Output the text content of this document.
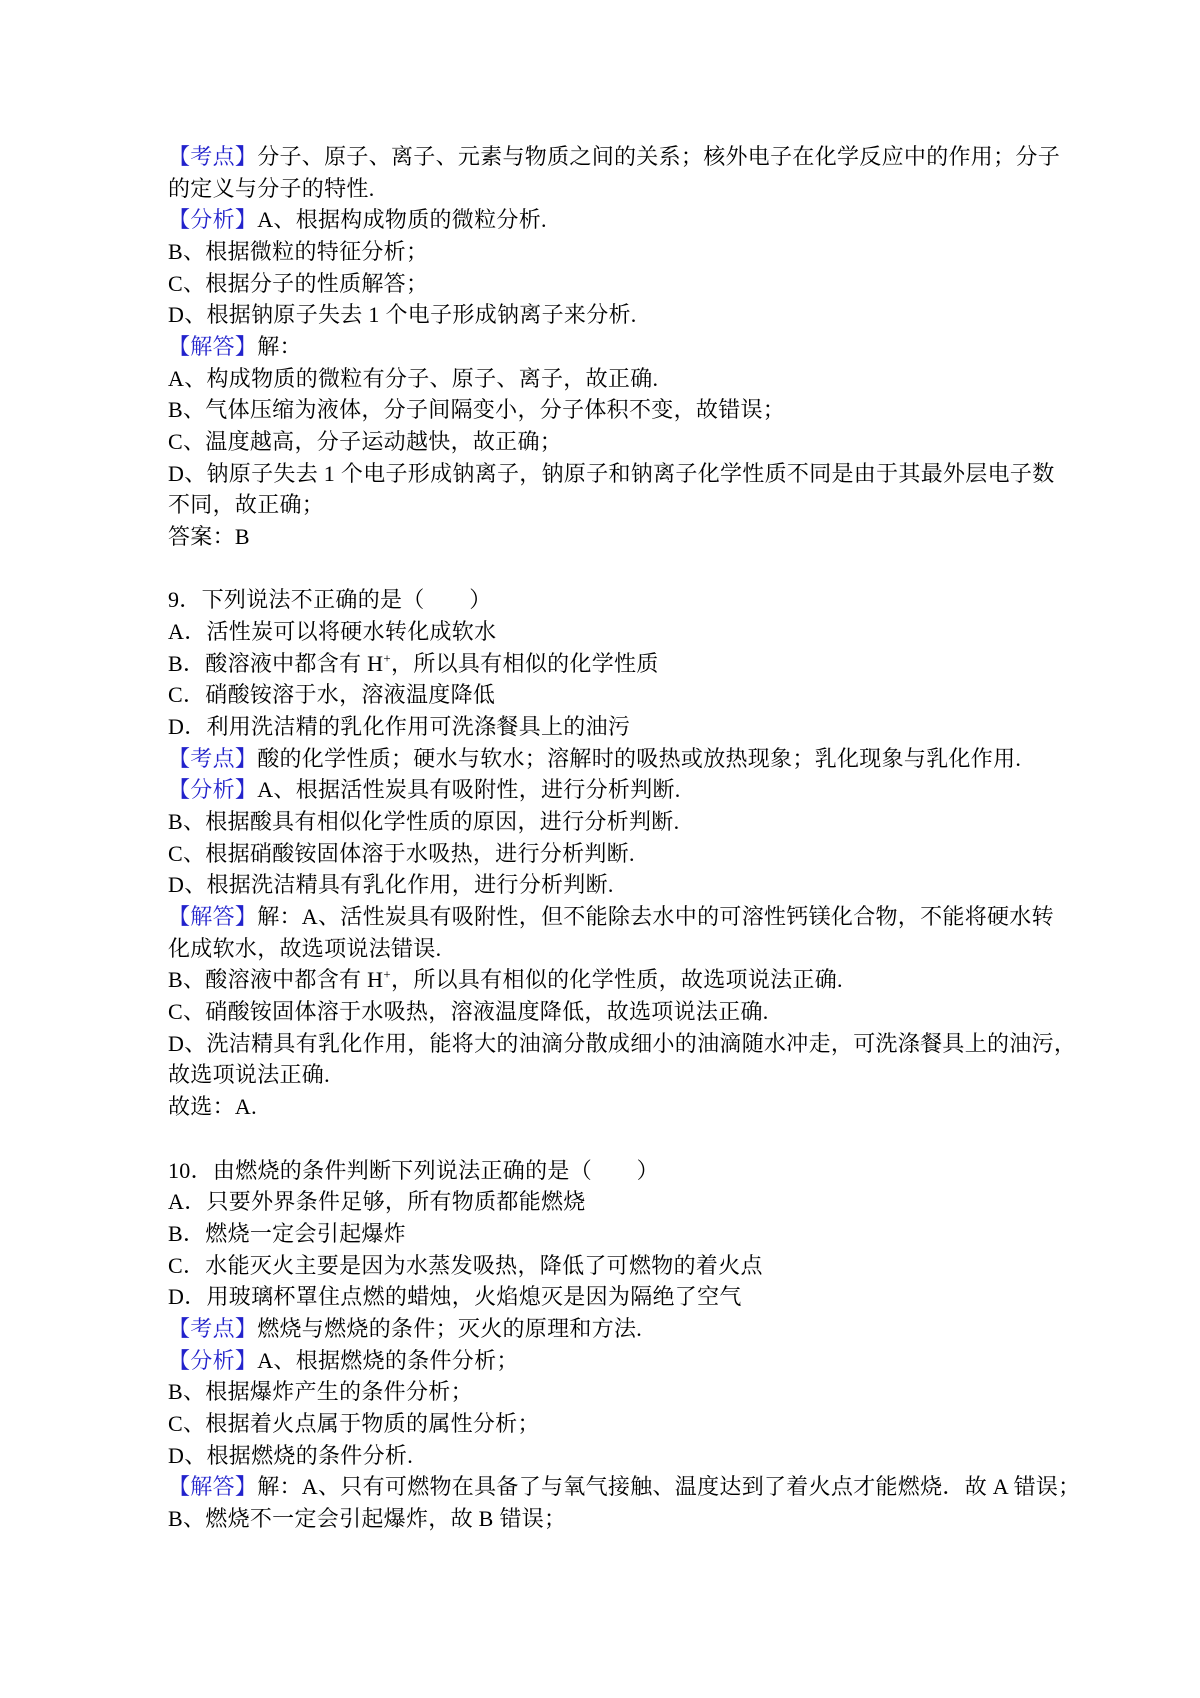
【考点】分子、原子、离子、元素与物质之间的关系；核外电子在化学反应中的作用；分子
的定义与分子的特性.
【分析】A、根据构成物质的微粒分析.
B、根据微粒的特征分析；
C、根据分子的性质解答；
D、根据钠原子失去 1 个电子形成钠离子来分析.
【解答】解：
A、构成物质的微粒有分子、原子、离子，故正确.
B、气体压缩为液体，分子间隔变小，分子体积不变，故错误；
C、温度越高，分子运动越快，故正确；
D、钠原子失去 1 个电子形成钠离子，钠原子和钠离子化学性质不同是由于其最外层电子数
不同，故正确；
答案：B

9．下列说法不正确的是（　　）
A．活性炭可以将硬水转化成软水
B．酸溶液中都含有 H+，所以具有相似的化学性质
C．硝酸铵溶于水，溶液温度降低
D．利用洗洁精的乳化作用可洗涤餐具上的油污
【考点】酸的化学性质；硬水与软水；溶解时的吸热或放热现象；乳化现象与乳化作用.
【分析】A、根据活性炭具有吸附性，进行分析判断.
B、根据酸具有相似化学性质的原因，进行分析判断.
C、根据硝酸铵固体溶于水吸热，进行分析判断.
D、根据洗洁精具有乳化作用，进行分析判断.
【解答】解：A、活性炭具有吸附性，但不能除去水中的可溶性钙镁化合物，不能将硬水转
化成软水，故选项说法错误.
B、酸溶液中都含有 H+，所以具有相似的化学性质，故选项说法正确.
C、硝酸铵固体溶于水吸热，溶液温度降低，故选项说法正确.
D、洗洁精具有乳化作用，能将大的油滴分散成细小的油滴随水冲走，可洗涤餐具上的油污，
故选项说法正确.
故选：A.

10．由燃烧的条件判断下列说法正确的是（　　）
A．只要外界条件足够，所有物质都能燃烧
B．燃烧一定会引起爆炸
C．水能灭火主要是因为水蒸发吸热，降低了可燃物的着火点
D．用玻璃杯罩住点燃的蜡烛，火焰熄灭是因为隔绝了空气
【考点】燃烧与燃烧的条件；灭火的原理和方法.
【分析】A、根据燃烧的条件分析；
B、根据爆炸产生的条件分析；
C、根据着火点属于物质的属性分析；
D、根据燃烧的条件分析.
【解答】解：A、只有可燃物在具备了与氧气接触、温度达到了着火点才能燃烧．故 A 错误；
B、燃烧不一定会引起爆炸，故 B 错误；
